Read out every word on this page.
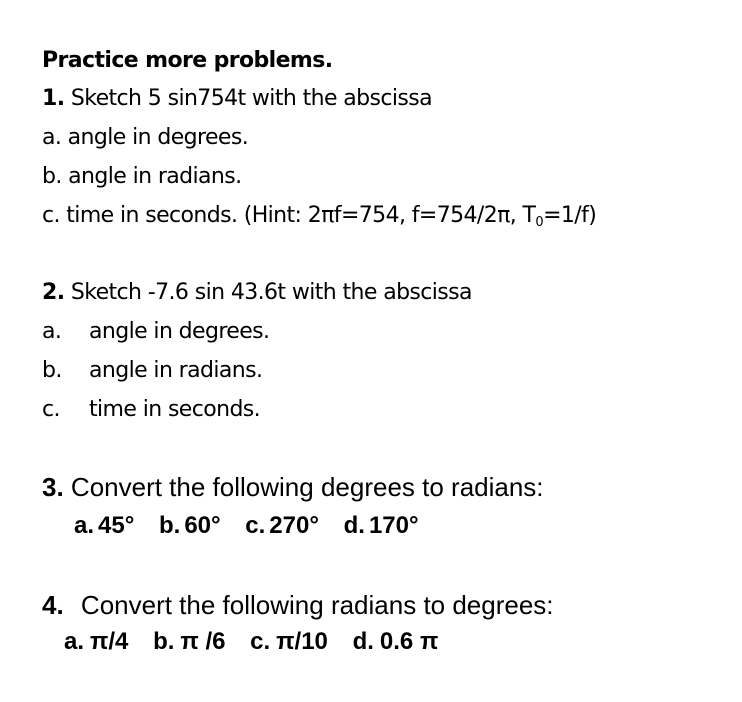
Practice more problems.
1. Sketch 5 sin754t with the abscissa
a. angle in degrees.
b. angle in radians.
c. time in seconds. (Hint: 2πf=754, f=754/2π, $T_0=1/f$)
2. Sketch -7.6 sin 43.6t with the abscissa
a. angle in degrees.
b. angle in radians.
c. time in seconds.
3. Convert the following degrees to radians:
a. 45° b. 60° c. 270° d. 170°
4. Convert the following radians to degrees:
a. π/4 b. π /6 c. π/10 d. 0.6 π
